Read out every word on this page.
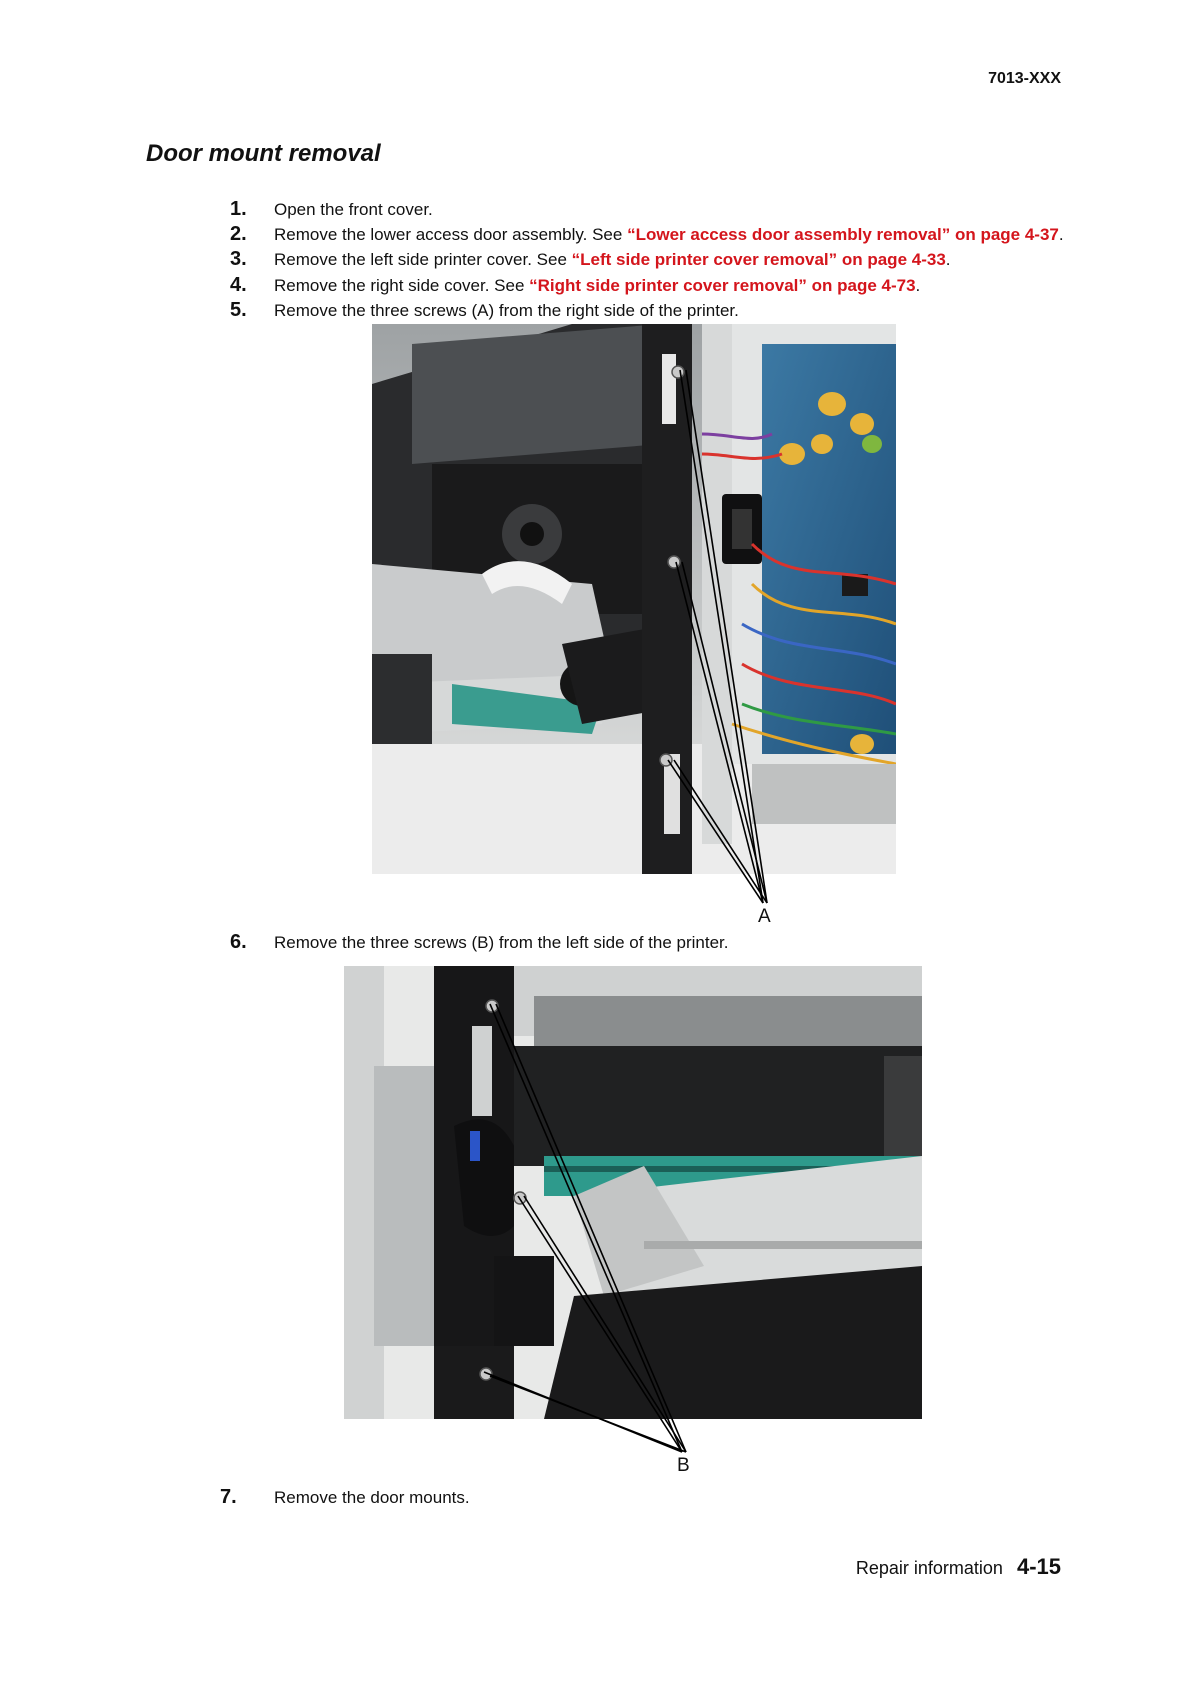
7013-XXX
Door mount removal
1. Open the front cover.
2. Remove the lower access door assembly. See “Lower access door assembly removal” on page 4-37.
3. Remove the left side printer cover. See “Left side printer cover removal” on page 4-33.
4. Remove the right side cover. See “Right side printer cover removal” on page 4-73.
5. Remove the three screws (A) from the right side of the printer.
A
6. Remove the three screws (B) from the left side of the printer.
B
7. Remove the door mounts.
Repair information 4-15
